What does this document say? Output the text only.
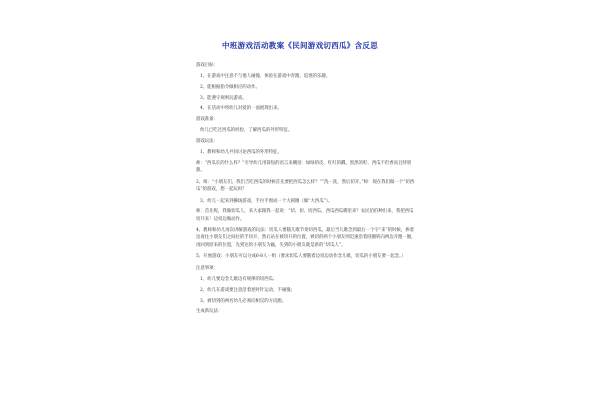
中班游戏活动教案《民间游戏切西瓜》含反思

游戏目标：

1、在游戏中注意不与他人碰撞，体验在游戏中奔跑、追逐的乐趣。

2、能根据指令做相应的动作。

3、能遵守规则玩游戏。

4、在活动中将幼儿对爱的一面展现出来。

游戏准备：

幼儿已吃过西瓜的经验，了解西瓜的外形特征。

游戏玩法：

1、教师和幼儿共同讨论西瓜的外形特征。

师：“西瓜长的什么样？”引导幼儿用简短的语言来概括：绿绿的皮、红红的瓤、黑黑的籽，西瓜不但香而且特别甜。

2、师：“小朋友们，我们吉吃西瓜的时候首先要把西瓜怎么样？”“洗一洗，然后切开。”师：现在我们做一个“切西瓜”的游戏，想一起玩吗？

3、幼儿一起来到操场游戏，手拉手围成一个大圆圈（做“大西瓜”）。

师：首先呢，我做切瓜人，来大家跟我一起说：“切、切、切西瓜，西瓜西瓜哪里来？农民伯伯种出来，我把西瓜切开来！边说边做动作。

4、教师和幼儿再次讲解游戏的玩法：切瓜人要随儿歌节奏切西瓜，最后当儿歌念到最后一个字“来”的时候，挨着边再往小朋友们之间拉的手切开，然后站在被切开的位置，被切的两个小朋友则迅速沿着圆圈转向两边开跑一圈，再回到原来的位置，先到达的小朋友为赢，失到的小朋友就是新的“切瓜人”。

5、开展游戏：小朋友可以分成6-8人一组（要求切瓜人要随着边说边动作念儿歌，切瓜的小朋友要一起念。）

注意事项：

1、幼儿要边念儿歌边有规律的切西瓜；

2、幼儿在游戏要注意沿着逆时针运动，不碰撞；

3、被切到的两名幼儿必须向相反的方向跑。

生成新玩法：
